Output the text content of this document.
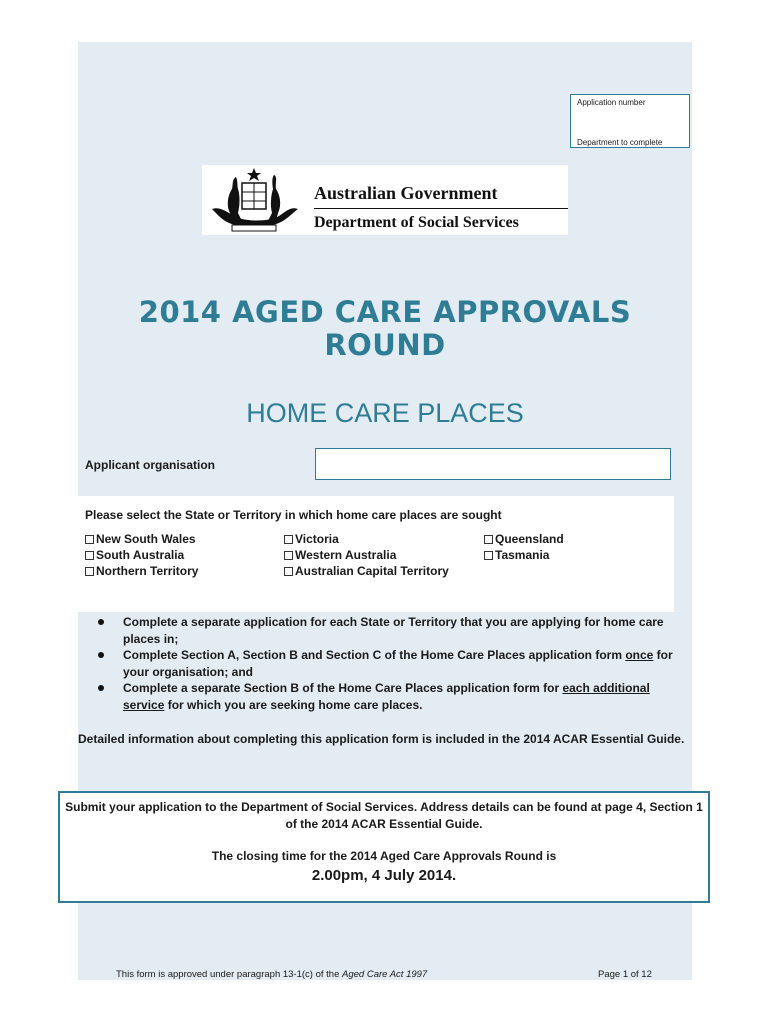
Application number
Department to complete
Australian Government
Department of Social Services
2014 AGED CARE APPROVALS
ROUND
HOME CARE PLACES
Applicant organisation
Please select the State or Territory in which home care places are sought
New South Wales
South Australia
Northern Territory
Victoria
Western Australia
Australian Capital Territory
Queensland
Tasmania
Complete a separate application for each State or Territory that you are applying for home care places in;
Complete Section A, Section B and Section C of the Home Care Places application form once for your organisation; and
Complete a separate Section B of the Home Care Places application form for each additional service for which you are seeking home care places.
Detailed information about completing this application form is included in the 2014 ACAR Essential Guide.
Submit your application to the Department of Social Services. Address details can be found at page 4, Section 1 of the 2014 ACAR Essential Guide.
The closing time for the 2014 Aged Care Approvals Round is
2.00pm, 4 July 2014.
This form is approved under paragraph 13-1(c) of the Aged Care Act 1997	Page 1 of 12
